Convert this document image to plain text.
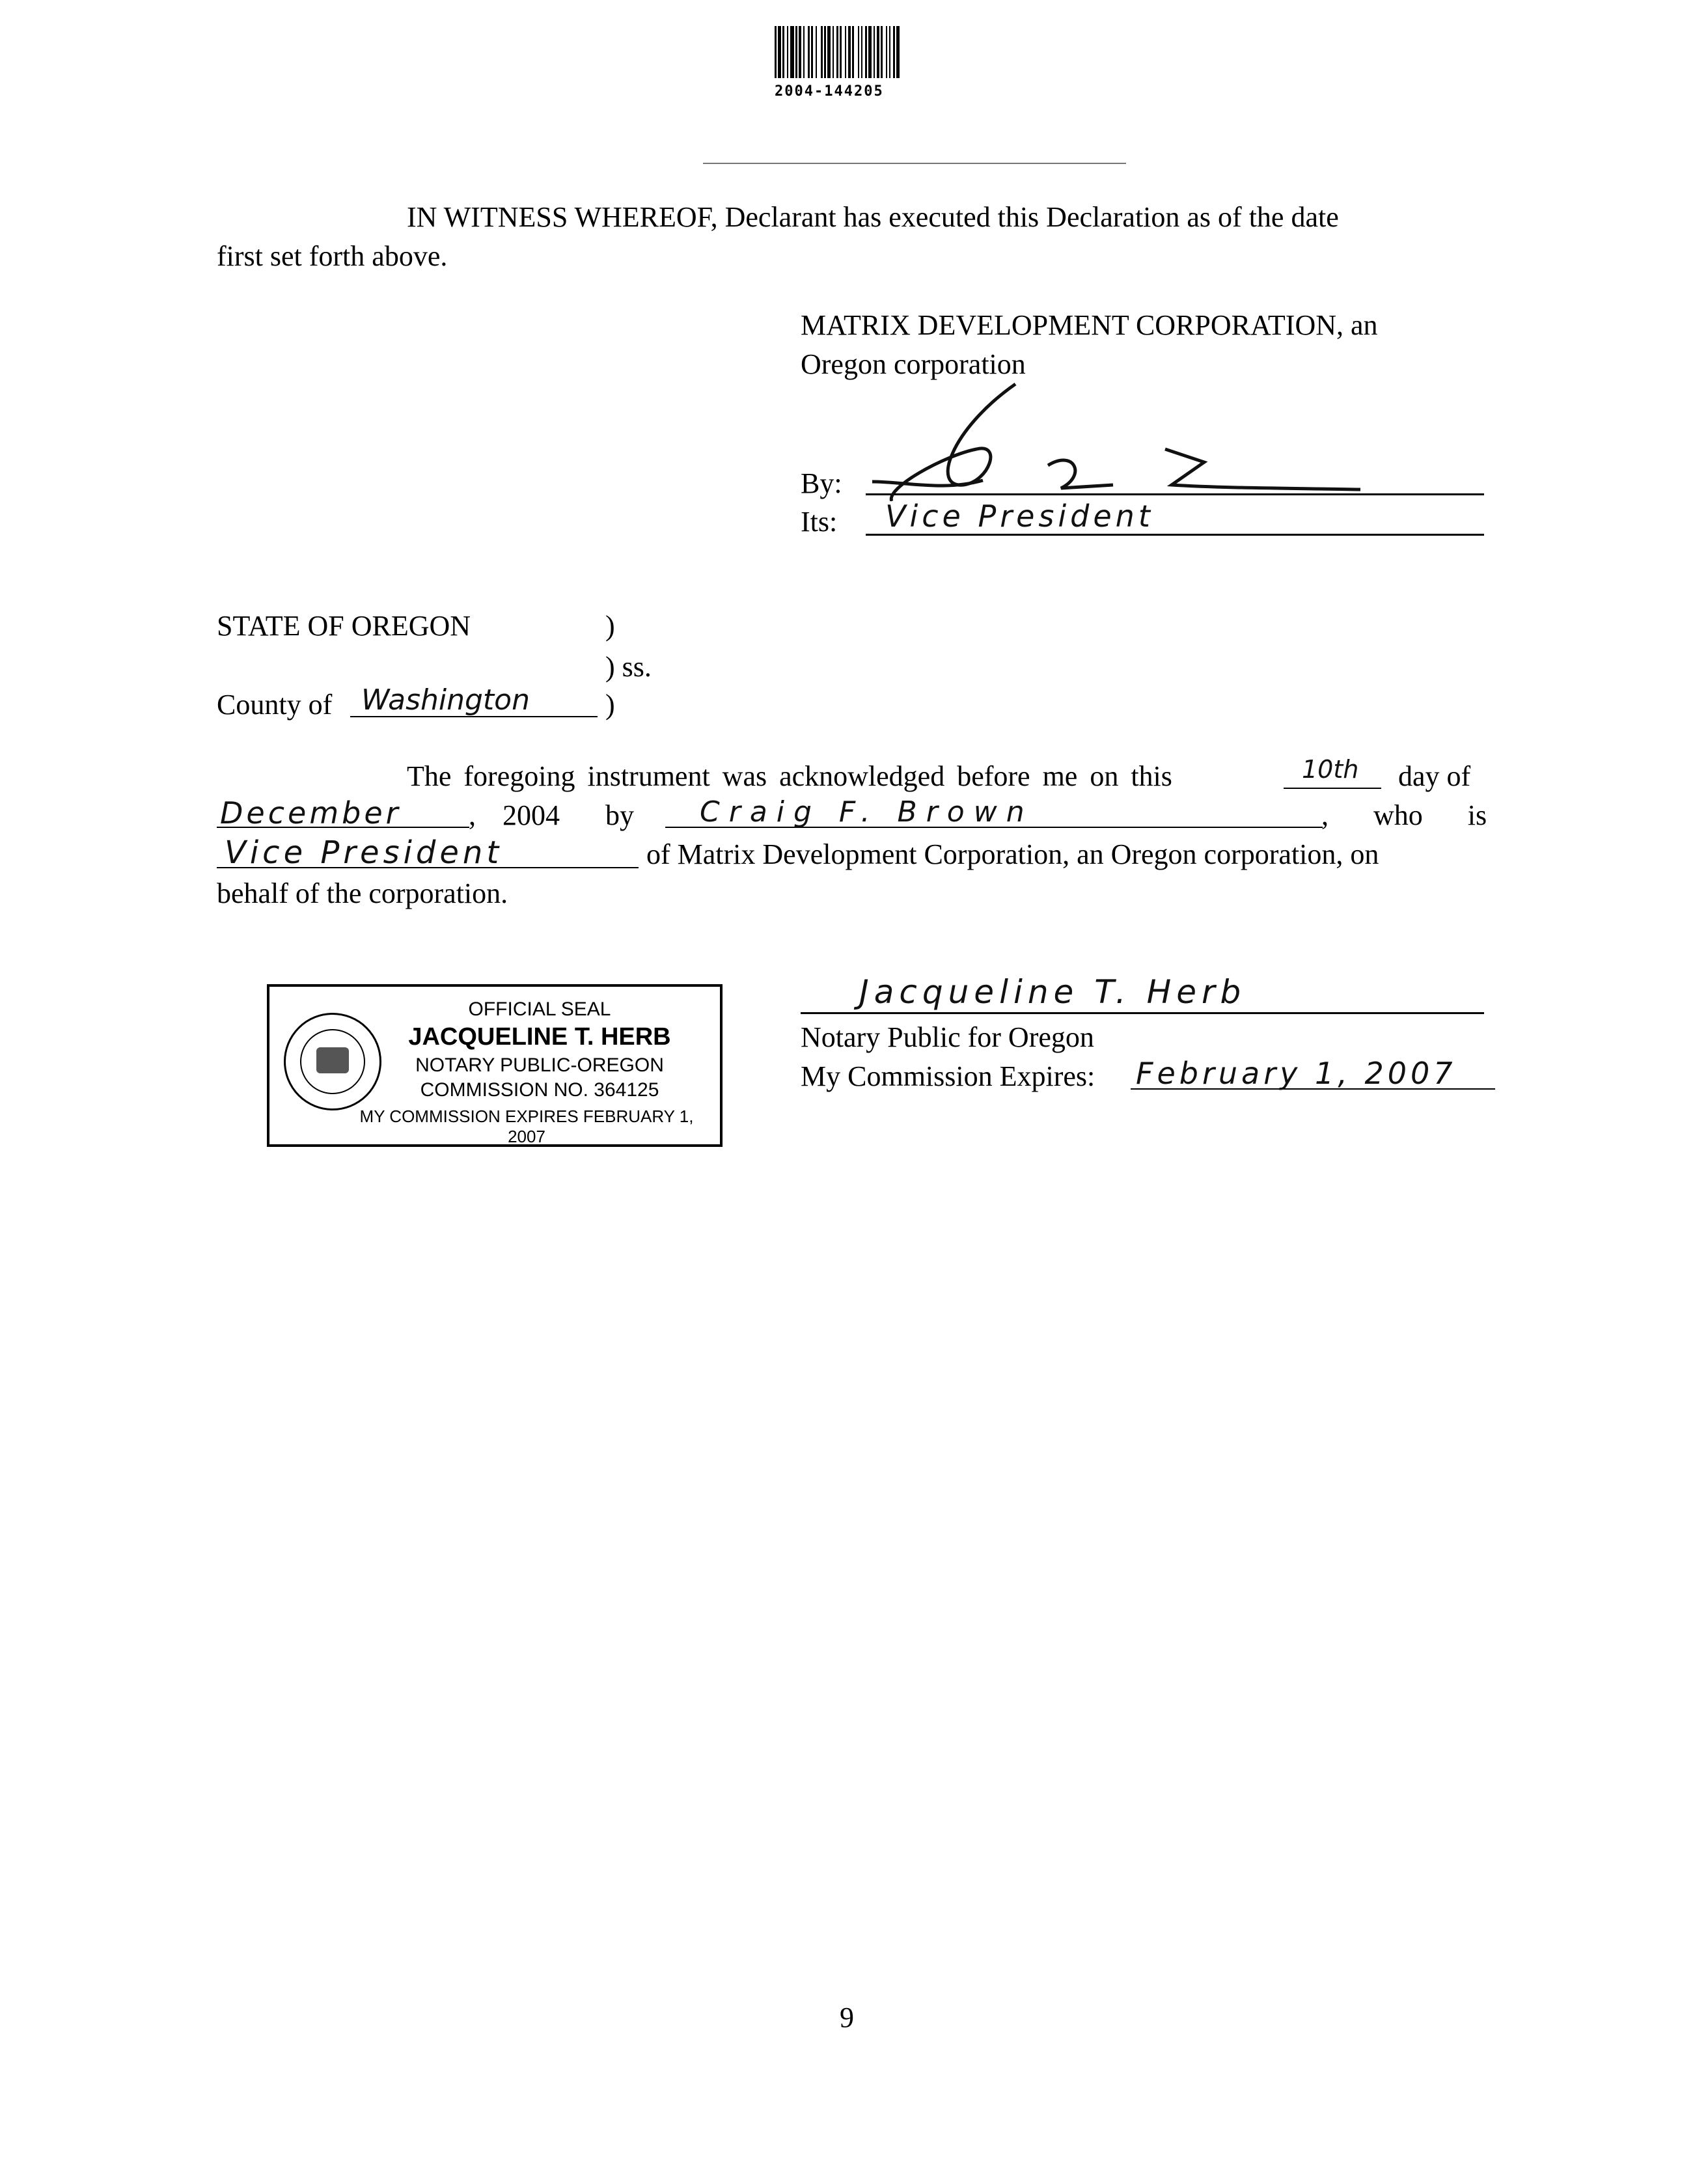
2004-144205
IN WITNESS WHEREOF, Declarant has executed this Declaration as of the date
first set forth above.
MATRIX DEVELOPMENT CORPORATION, an
Oregon corporation
By:
Its: Vice President
STATE OF OREGON	)
) ss.
County of Washington	)
The foregoing instrument was acknowledged before me on this	10th day of
December , 2004 by Craig F. Brown	, who is
Vice President	of Matrix Development Corporation, an Oregon corporation, on
behalf of the corporation.
OFFICIAL SEAL
JACQUELINE T. HERB
NOTARY PUBLIC-OREGON
COMMISSION NO. 364125
MY COMMISSION EXPIRES FEBRUARY 1, 2007
Jacqueline T. Herb
Notary Public for Oregon
My Commission Expires: February 1, 2007
9
